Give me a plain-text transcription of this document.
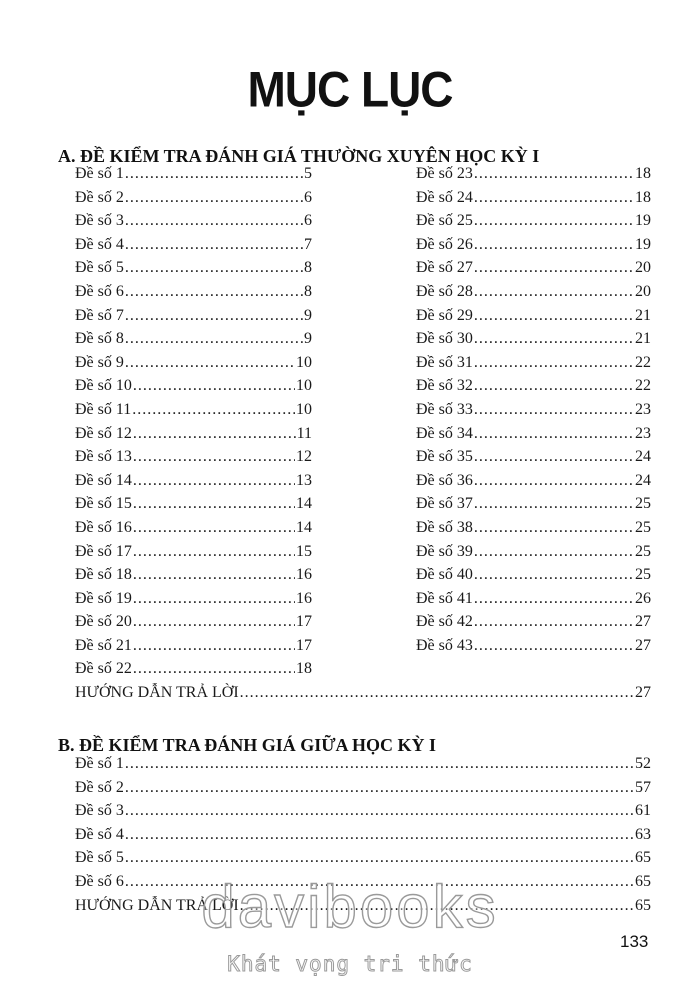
MỤC LỤC
A. ĐỀ KIỂM TRA ĐÁNH GIÁ THƯỜNG XUYÊN HỌC KỲ I
Đề số 1 .....	5
Đề số 2 .....	6
Đề số 3 .....	6
Đề số 4 .....	7
Đề số 5 .....	8
Đề số 6 .....	8
Đề số 7 .....	9
Đề số 8 .....	9
Đề số 9 .....	10
Đề số 10 .....	10
Đề số 11 .....	10
Đề số 12 .....	11
Đề số 13 .....	12
Đề số 14 .....	13
Đề số 15 .....	14
Đề số 16 .....	14
Đề số 17 .....	15
Đề số 18 .....	16
Đề số 19 .....	16
Đề số 20 .....	17
Đề số 21 .....	17
Đề số 22 .....	18
Đề số 23 .....	18
Đề số 24 .....	18
Đề số 25 .....	19
Đề số 26 .....	19
Đề số 27 .....	20
Đề số 28 .....	20
Đề số 29 .....	21
Đề số 30 .....	21
Đề số 31 .....	22
Đề số 32 .....	22
Đề số 33 .....	23
Đề số 34 .....	23
Đề số 35 .....	24
Đề số 36 .....	24
Đề số 37 .....	25
Đề số 38 .....	25
Đề số 39 .....	25
Đề số 40 .....	25
Đề số 41 .....	26
Đề số 42 .....	27
Đề số 43 .....	27
HƯỚNG DẪN TRẢ LỜI .....	27
B. ĐỀ KIỂM TRA ĐÁNH GIÁ GIỮA HỌC KỲ I
Đề số 1 .....	52
Đề số 2 .....	57
Đề số 3 .....	61
Đề số 4 .....	63
Đề số 5 .....	65
Đề số 6 .....	65
HƯỚNG DẪN TRẢ LỜI .....	65
133
davibooks
Khát vọng tri thức
